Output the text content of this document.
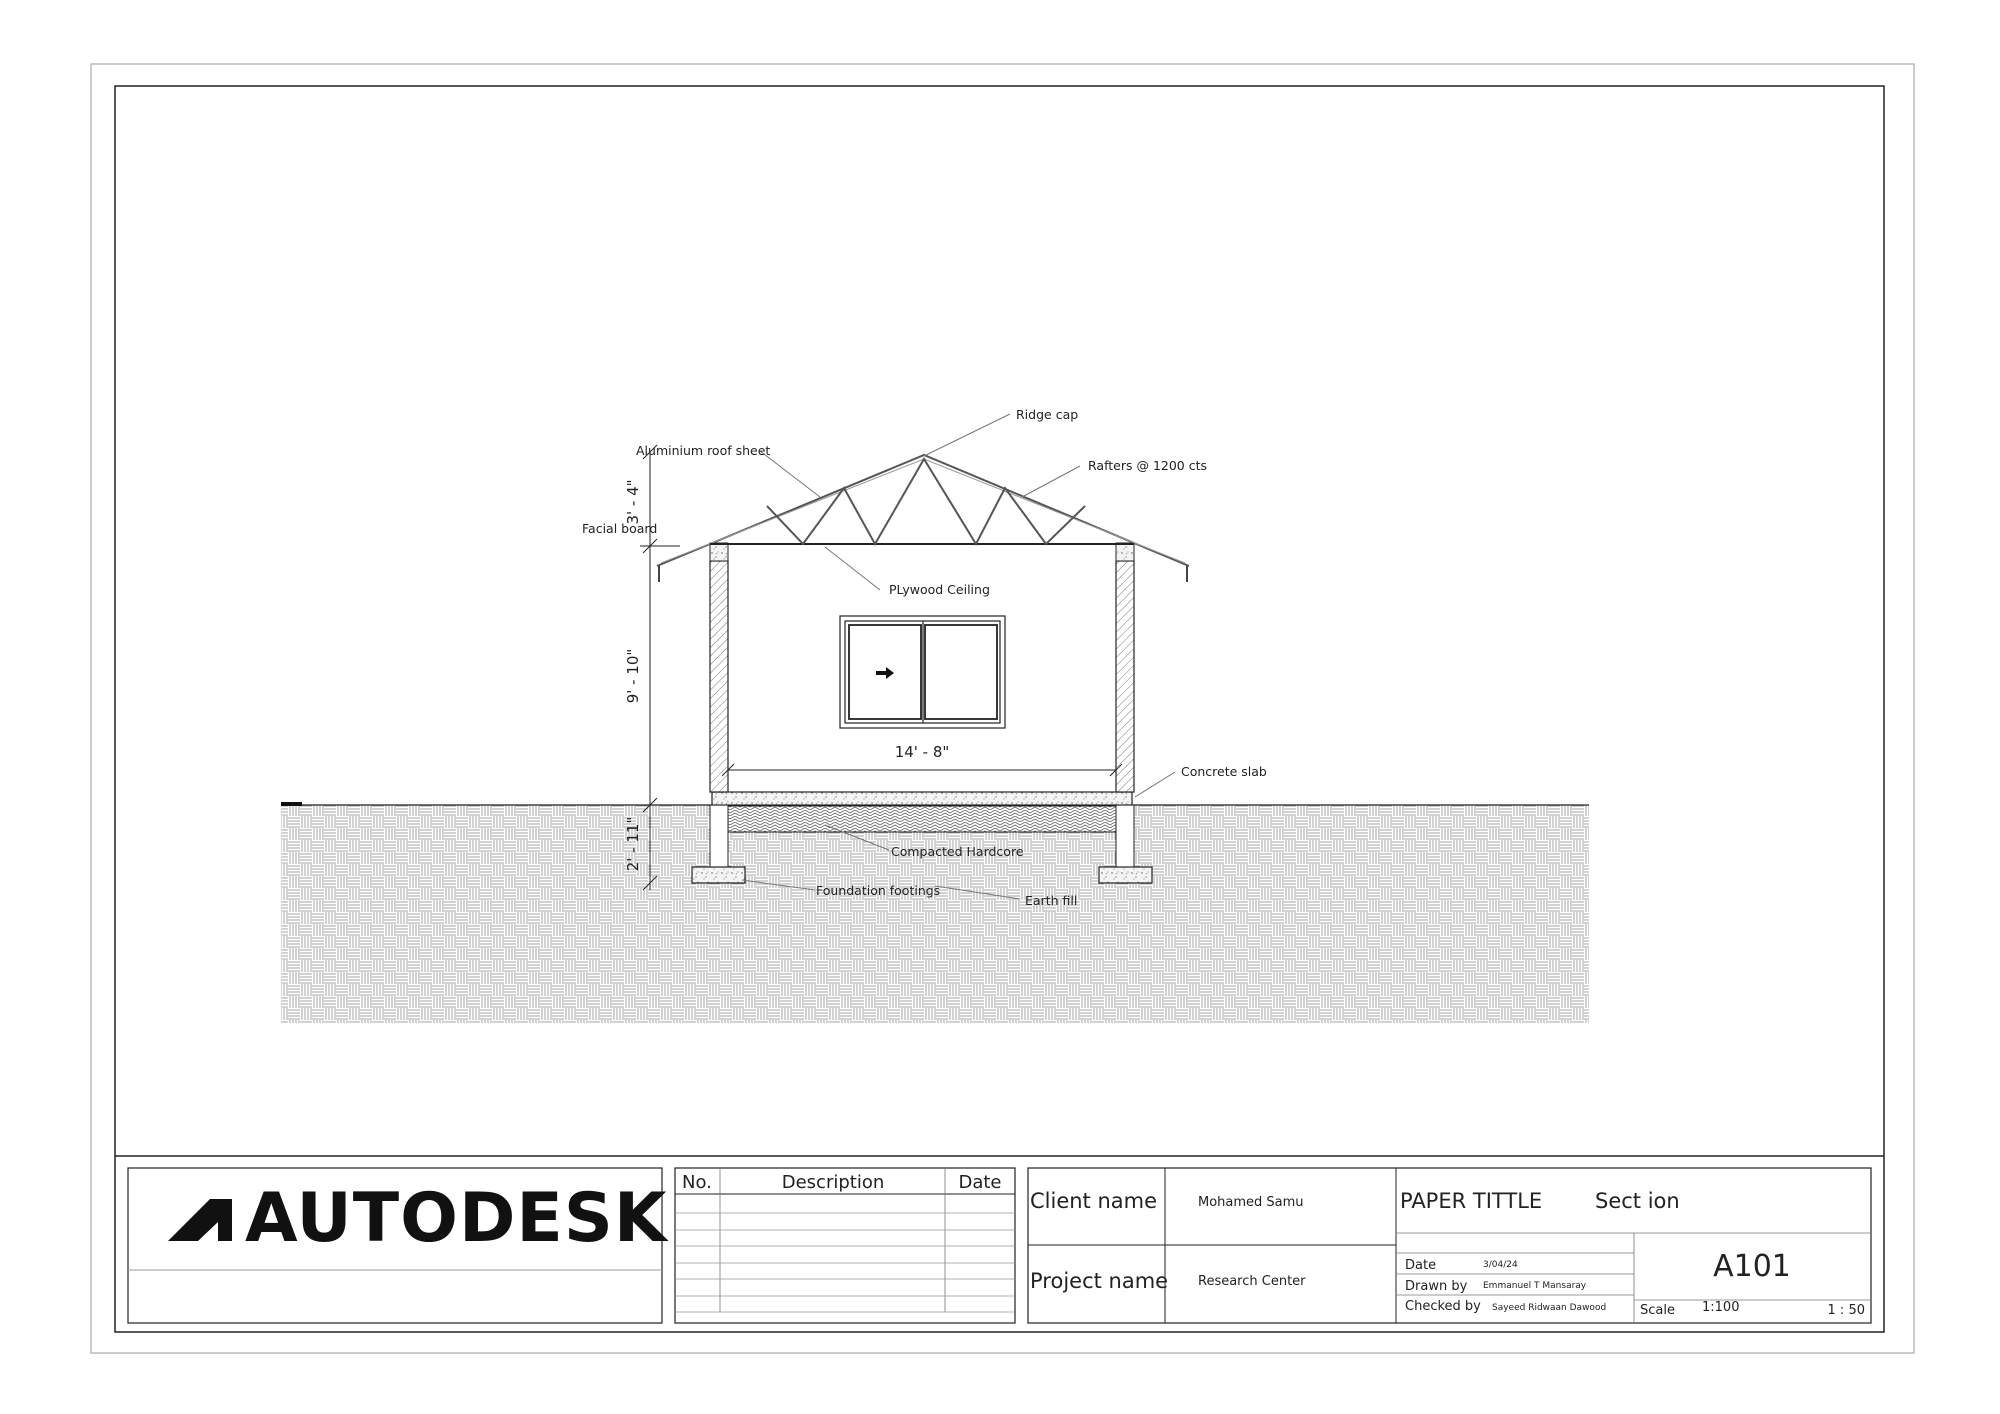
3' - 4"
9' - 10"
2' - 11"
14' - 8"
Ridge cap
Aluminium roof sheet
Rafters @ 1200 cts
Facial board
PLywood Ceiling
Concrete slab
Compacted Hardcore
Foundation footings
Earth fill
AUTODESK No.	Description	Date
Client name	Mohamed Samu
Project name Research Center
PAPER TITTLE	Sect ion
Date	3/04/24
Drawn by Emmanuel T Mansaray
Checked by Sayeed Ridwaan Dawood
A101
Scale 1:100	1 : 50
